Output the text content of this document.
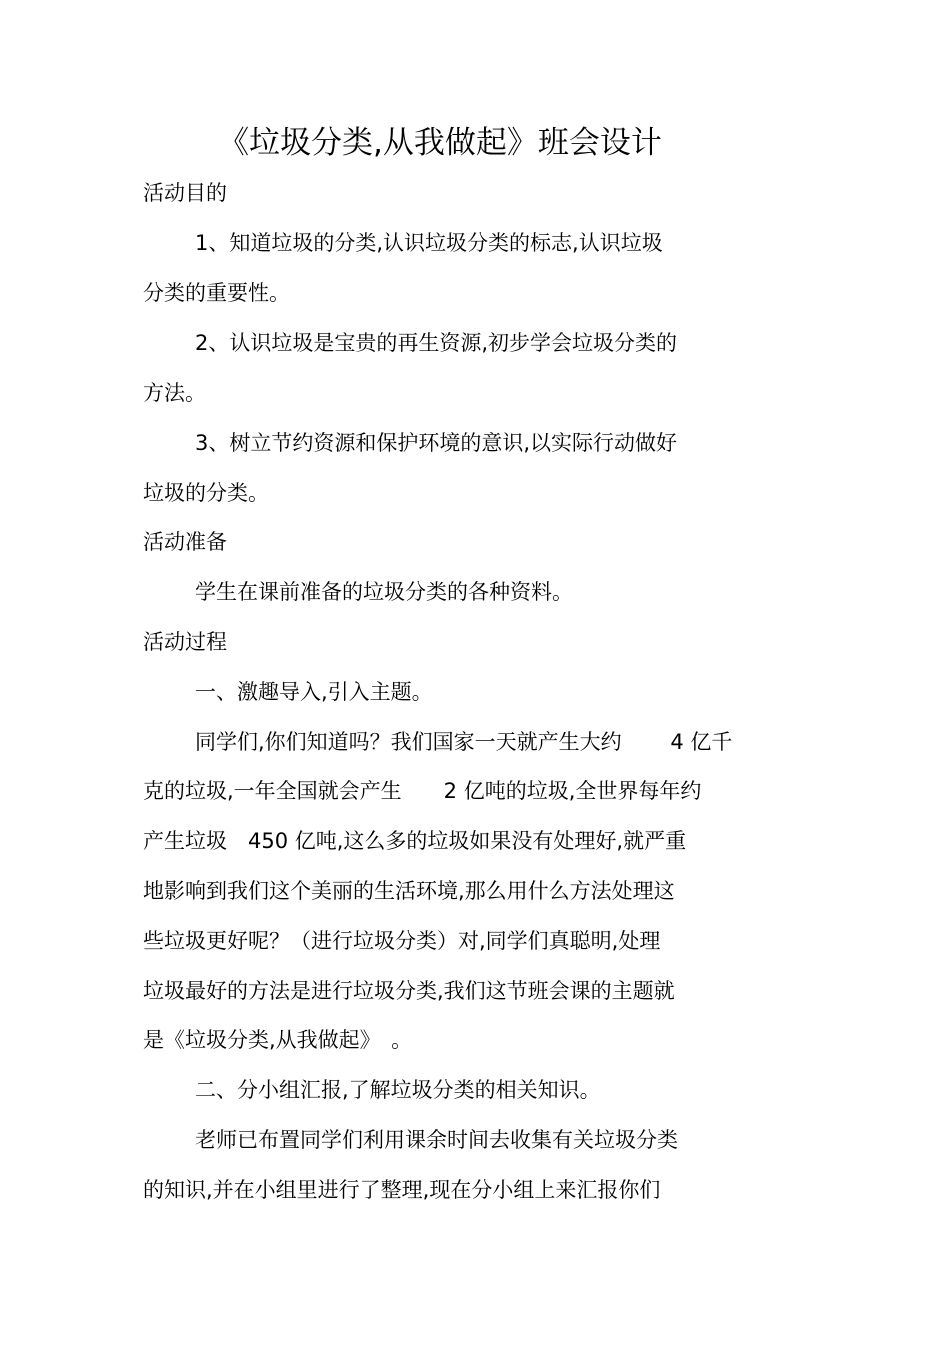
《垃圾分类,从我做起》班会设计

活动目的

1、知道垃圾的分类,认识垃圾分类的标志,认识垃圾

分类的重要性。

2、认识垃圾是宝贵的再生资源,初步学会垃圾分类的

方法。

3、树立节约资源和保护环境的意识,以实际行动做好

垃圾的分类。

活动准备

学生在课前准备的垃圾分类的各种资料。

活动过程

一、激趣导入,引入主题。

同学们,你们知道吗？我们国家一天就产生大约　　 4 亿千

克的垃圾,一年全国就会产生　　2 亿吨的垃圾,全世界每年约

产生垃圾　450 亿吨,这么多的垃圾如果没有处理好,就严重

地影响到我们这个美丽的生活环境,那么用什么方法处理这

些垃圾更好呢？（进行垃圾分类）对,同学们真聪明,处理

垃圾最好的方法是进行垃圾分类,我们这节班会课的主题就

是《垃圾分类,从我做起》　。

二、分小组汇报,了解垃圾分类的相关知识。

老师已布置同学们利用课余时间去收集有关垃圾分类

的知识,并在小组里进行了整理,现在分小组上来汇报你们
